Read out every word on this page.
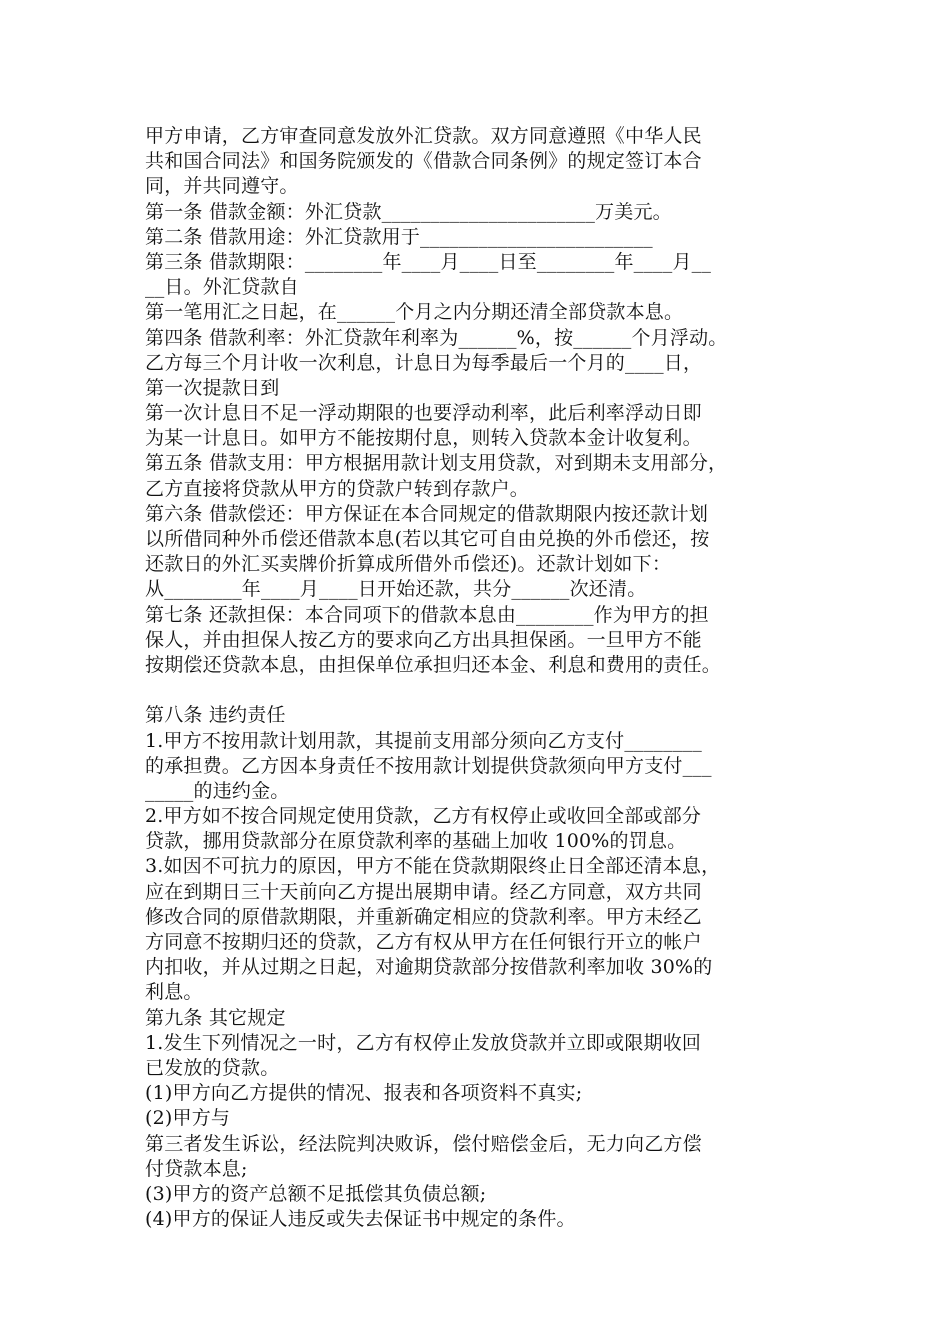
甲方申请，乙方审查同意发放外汇贷款。双方同意遵照《中华人民
共和国合同法》和国务院颁发的《借款合同条例》的规定签订本合
同，并共同遵守。
第一条 借款金额：外汇贷款______________________万美元。
第二条 借款用途：外汇贷款用于________________________
第三条 借款期限：________年____月____日至________年____月__
__日。外汇贷款自
第一笔用汇之日起，在______个月之内分期还清全部贷款本息。
第四条 借款利率：外汇贷款年利率为______%，按______个月浮动。
乙方每三个月计收一次利息，计息日为每季最后一个月的____日，
第一次提款日到
第一次计息日不足一浮动期限的也要浮动利率，此后利率浮动日即
为某一计息日。如甲方不能按期付息，则转入贷款本金计收复利。
第五条 借款支用：甲方根据用款计划支用贷款，对到期未支用部分，
乙方直接将贷款从甲方的贷款户转到存款户。
第六条 借款偿还：甲方保证在本合同规定的借款期限内按还款计划
以所借同种外币偿还借款本息(若以其它可自由兑换的外币偿还，按
还款日的外汇买卖牌价折算成所借外币偿还)。还款计划如下：
从________年____月____日开始还款，共分______次还清。
第七条 还款担保：本合同项下的借款本息由________作为甲方的担
保人，并由担保人按乙方的要求向乙方出具担保函。一旦甲方不能
按期偿还贷款本息，由担保单位承担归还本金、利息和费用的责任。
第八条 违约责任
1.甲方不按用款计划用款，其提前支用部分须向乙方支付________
的承担费。乙方因本身责任不按用款计划提供贷款须向甲方支付___
_____的违约金。
2.甲方如不按合同规定使用贷款，乙方有权停止或收回全部或部分
贷款，挪用贷款部分在原贷款利率的基础上加收 100%的罚息。
3.如因不可抗力的原因，甲方不能在贷款期限终止日全部还清本息，
应在到期日三十天前向乙方提出展期申请。经乙方同意，双方共同
修改合同的原借款期限，并重新确定相应的贷款利率。甲方未经乙
方同意不按期归还的贷款，乙方有权从甲方在任何银行开立的帐户
内扣收，并从过期之日起，对逾期贷款部分按借款利率加收 30%的
利息。
第九条 其它规定
1.发生下列情况之一时，乙方有权停止发放贷款并立即或限期收回
已发放的贷款。
(1)甲方向乙方提供的情况、报表和各项资料不真实;
(2)甲方与
第三者发生诉讼，经法院判决败诉，偿付赔偿金后，无力向乙方偿
付贷款本息;
(3)甲方的资产总额不足抵偿其负债总额;
(4)甲方的保证人违反或失去保证书中规定的条件。
